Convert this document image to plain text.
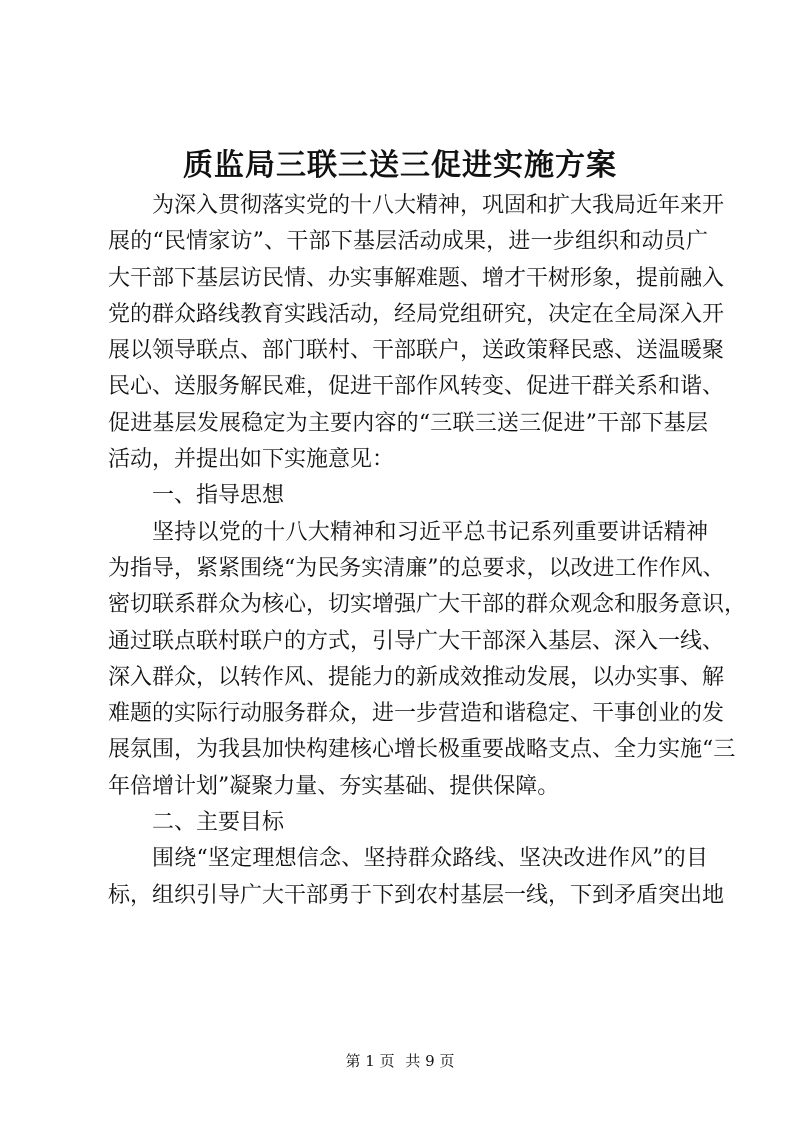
质监局三联三送三促进实施方案
为深入贯彻落实党的十八大精神，巩固和扩大我局近年来开
展的“民情家访”、干部下基层活动成果，进一步组织和动员广
大干部下基层访民情、办实事解难题、增才干树形象，提前融入
党的群众路线教育实践活动，经局党组研究，决定在全局深入开
展以领导联点、部门联村、干部联户，送政策释民惑、送温暖聚
民心、送服务解民难，促进干部作风转变、促进干群关系和谐、
促进基层发展稳定为主要内容的“三联三送三促进”干部下基层
活动，并提出如下实施意见：
一、指导思想
坚持以党的十八大精神和习近平总书记系列重要讲话精神
为指导，紧紧围绕“为民务实清廉”的总要求，以改进工作作风、
密切联系群众为核心，切实增强广大干部的群众观念和服务意识，
通过联点联村联户的方式，引导广大干部深入基层、深入一线、
深入群众，以转作风、提能力的新成效推动发展，以办实事、解
难题的实际行动服务群众，进一步营造和谐稳定、干事创业的发
展氛围，为我县加快构建核心增长极重要战略支点、全力实施“三
年倍增计划”凝聚力量、夯实基础、提供保障。
二、主要目标
围绕“坚定理想信念、坚持群众路线、坚决改进作风”的目
标，组织引导广大干部勇于下到农村基层一线，下到矛盾突出地
第 1 页 共 9 页
